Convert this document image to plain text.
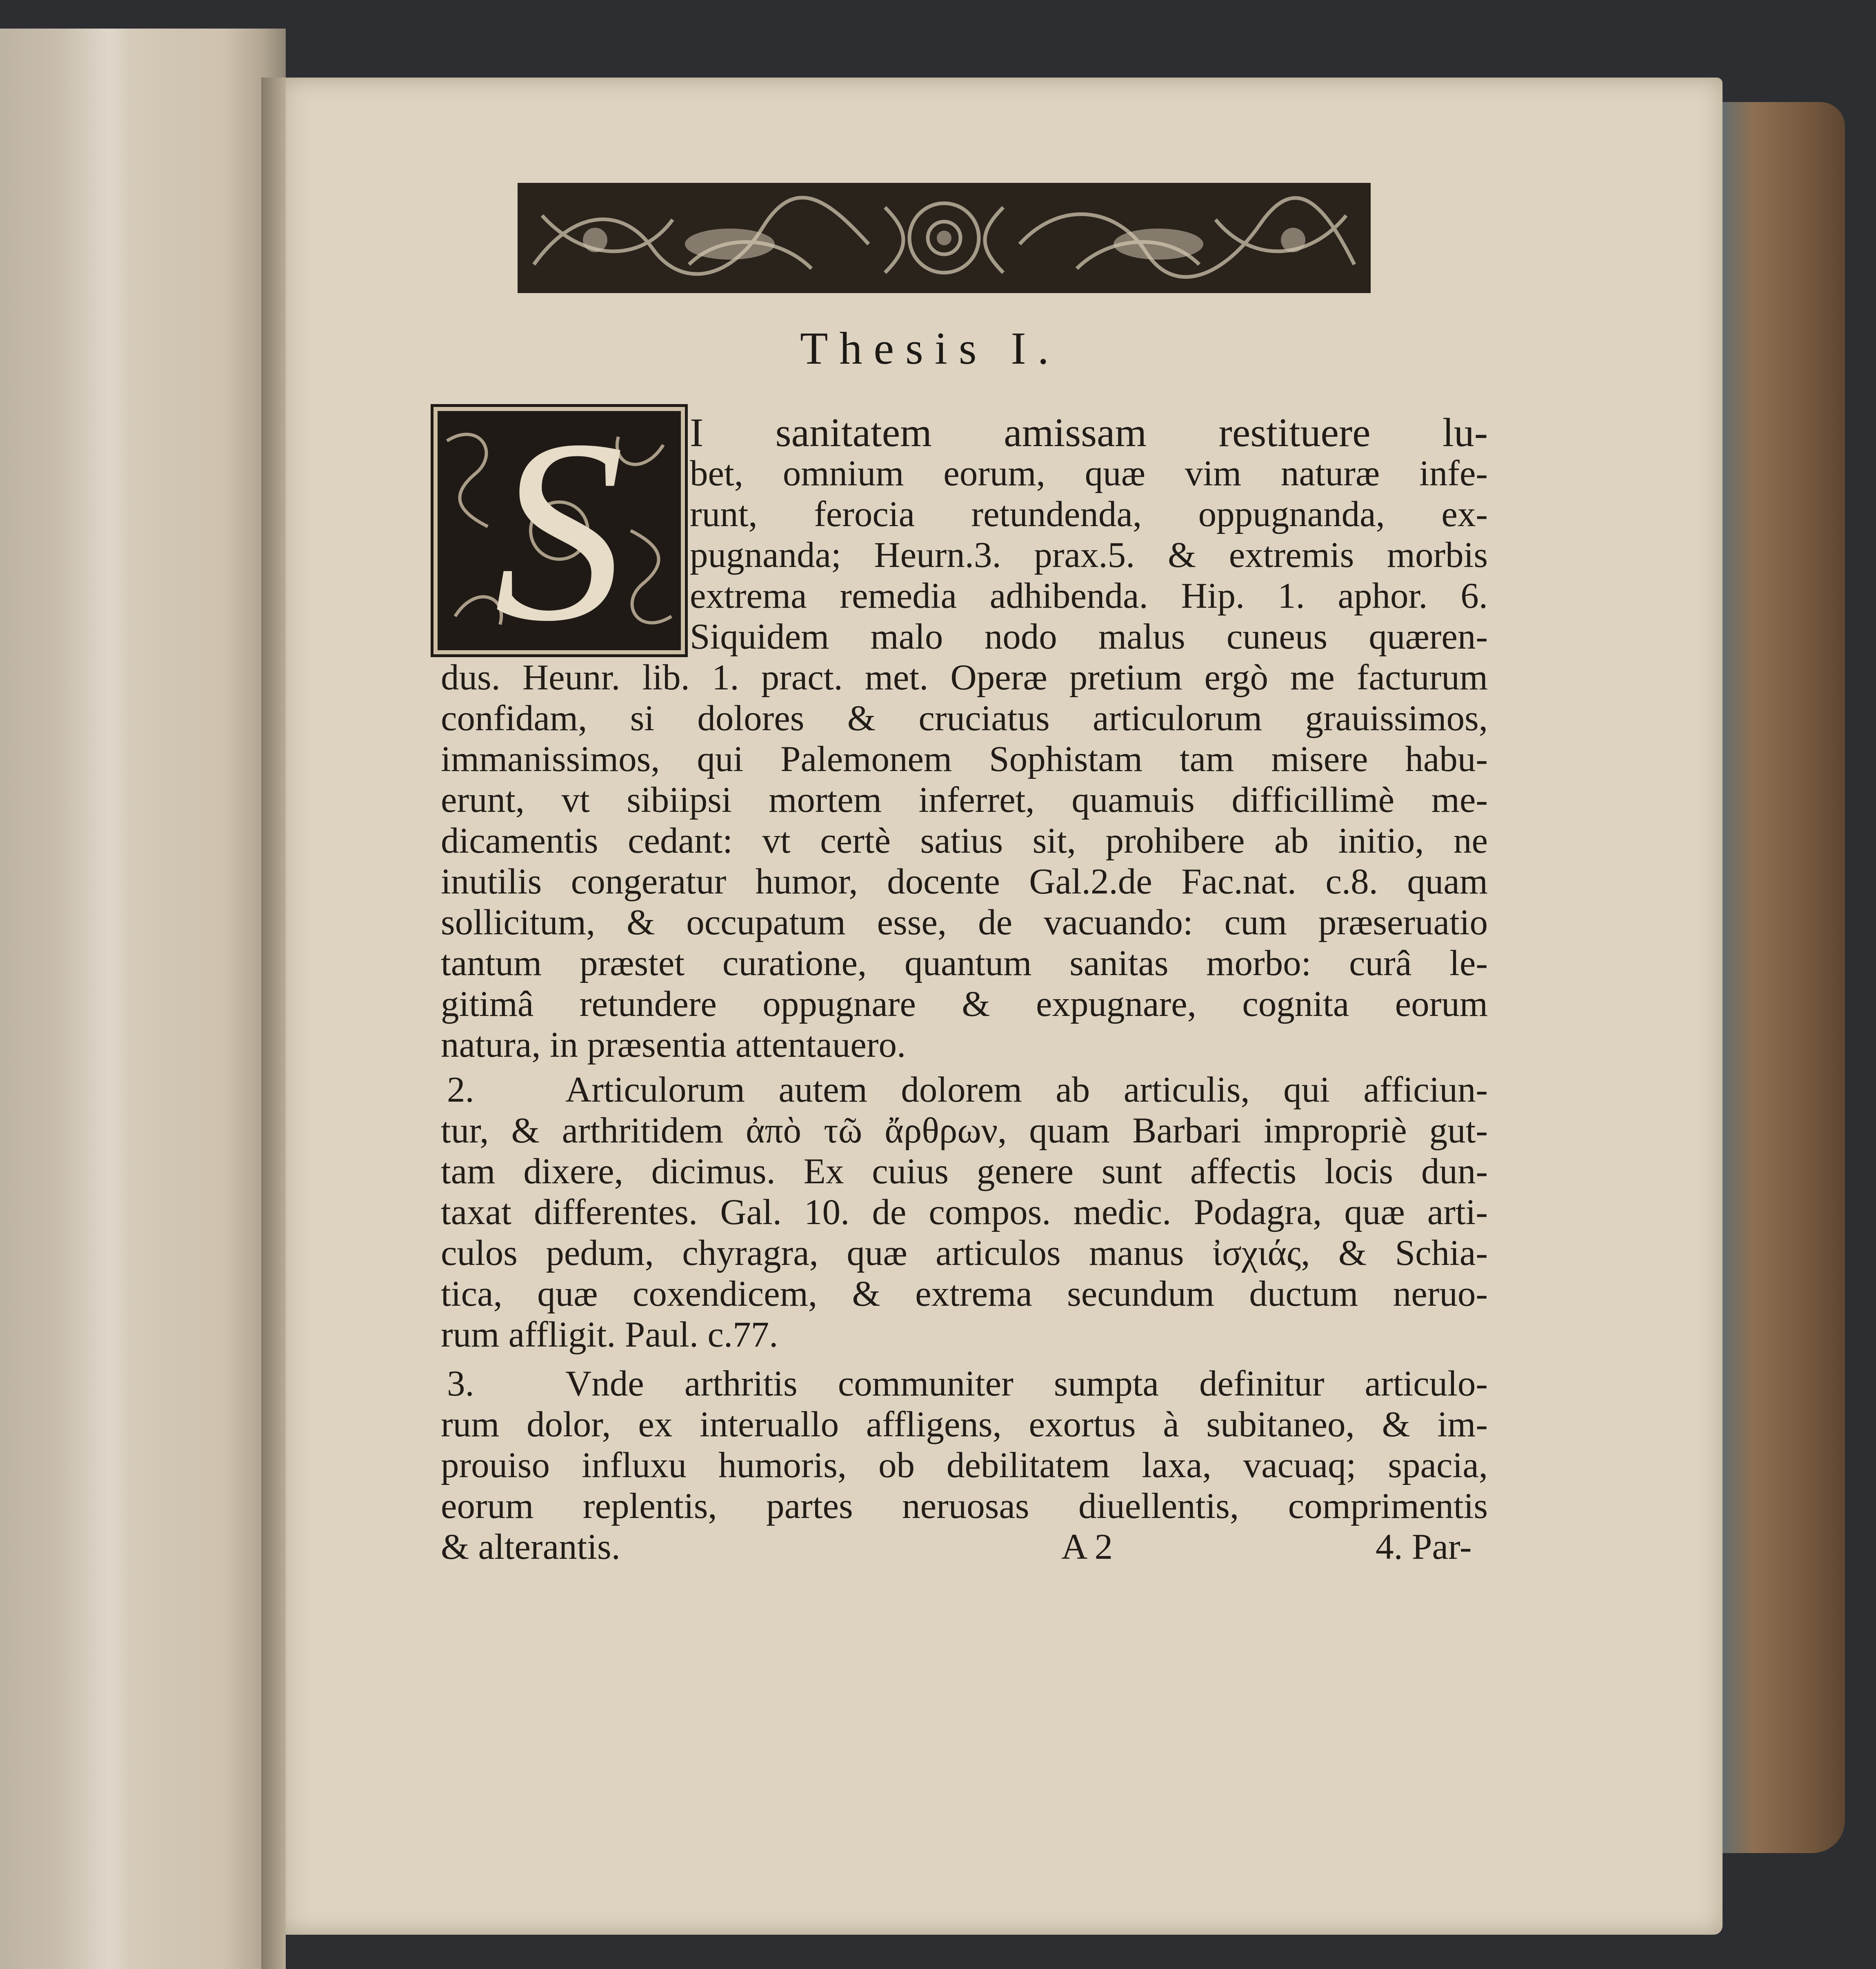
Thesis I.
S	I sanitatem amissam restituere lu-

bet, omnium eorum, quæ vim naturæ infe-

runt, ferocia retundenda, oppugnanda, ex-

pugnanda; Heurn.3. prax.5. & extremis morbis

extrema remedia adhibenda. Hip. 1. aphor. 6.

Siquidem malo nodo malus cuneus quæren-

dus. Heunr. lib. 1. pract. met. Operæ pretium ergò me facturum

confidam, si dolores & cruciatus articulorum grauissimos,

immanissimos, qui Palemonem Sophistam tam misere habu-

erunt, vt sibiipsi mortem inferret, quamuis difficillimè me-

dicamentis cedant: vt certè satius sit, prohibere ab initio, ne

inutilis congeratur humor, docente Gal.2.de Fac.nat. c.8. quam

sollicitum, & occupatum esse, de vacuando: cum præseruatio

tantum præstet curatione, quantum sanitas morbo: curâ le-

gitimâ retundere oppugnare & expugnare, cognita eorum

natura, in præsentia attentauero.

2.	Articulorum autem dolorem ab articulis, qui afficiun-

tur, & arthritidem ἀπὸ τῶ ἄρθρων, quam Barbari impropriè gut-

tam dixere, dicimus. Ex cuius genere sunt affectis locis dun-

taxat differentes. Gal. 10. de compos. medic. Podagra, quæ arti-

culos pedum, chyragra, quæ articulos manus ἰσχιάς, & Schia-

tica, quæ coxendicem, & extrema secundum ductum neruo-

rum affligit. Paul. c.77.

3.	Vnde arthritis communiter sumpta definitur articulo-

rum dolor, ex interuallo affligens, exortus à subitaneo, & im-

prouiso influxu humoris, ob debilitatem laxa, vacuaq; spacia,

eorum replentis, partes neruosas diuellentis, comprimentis

& alterantis.	A 2	4. Par-
